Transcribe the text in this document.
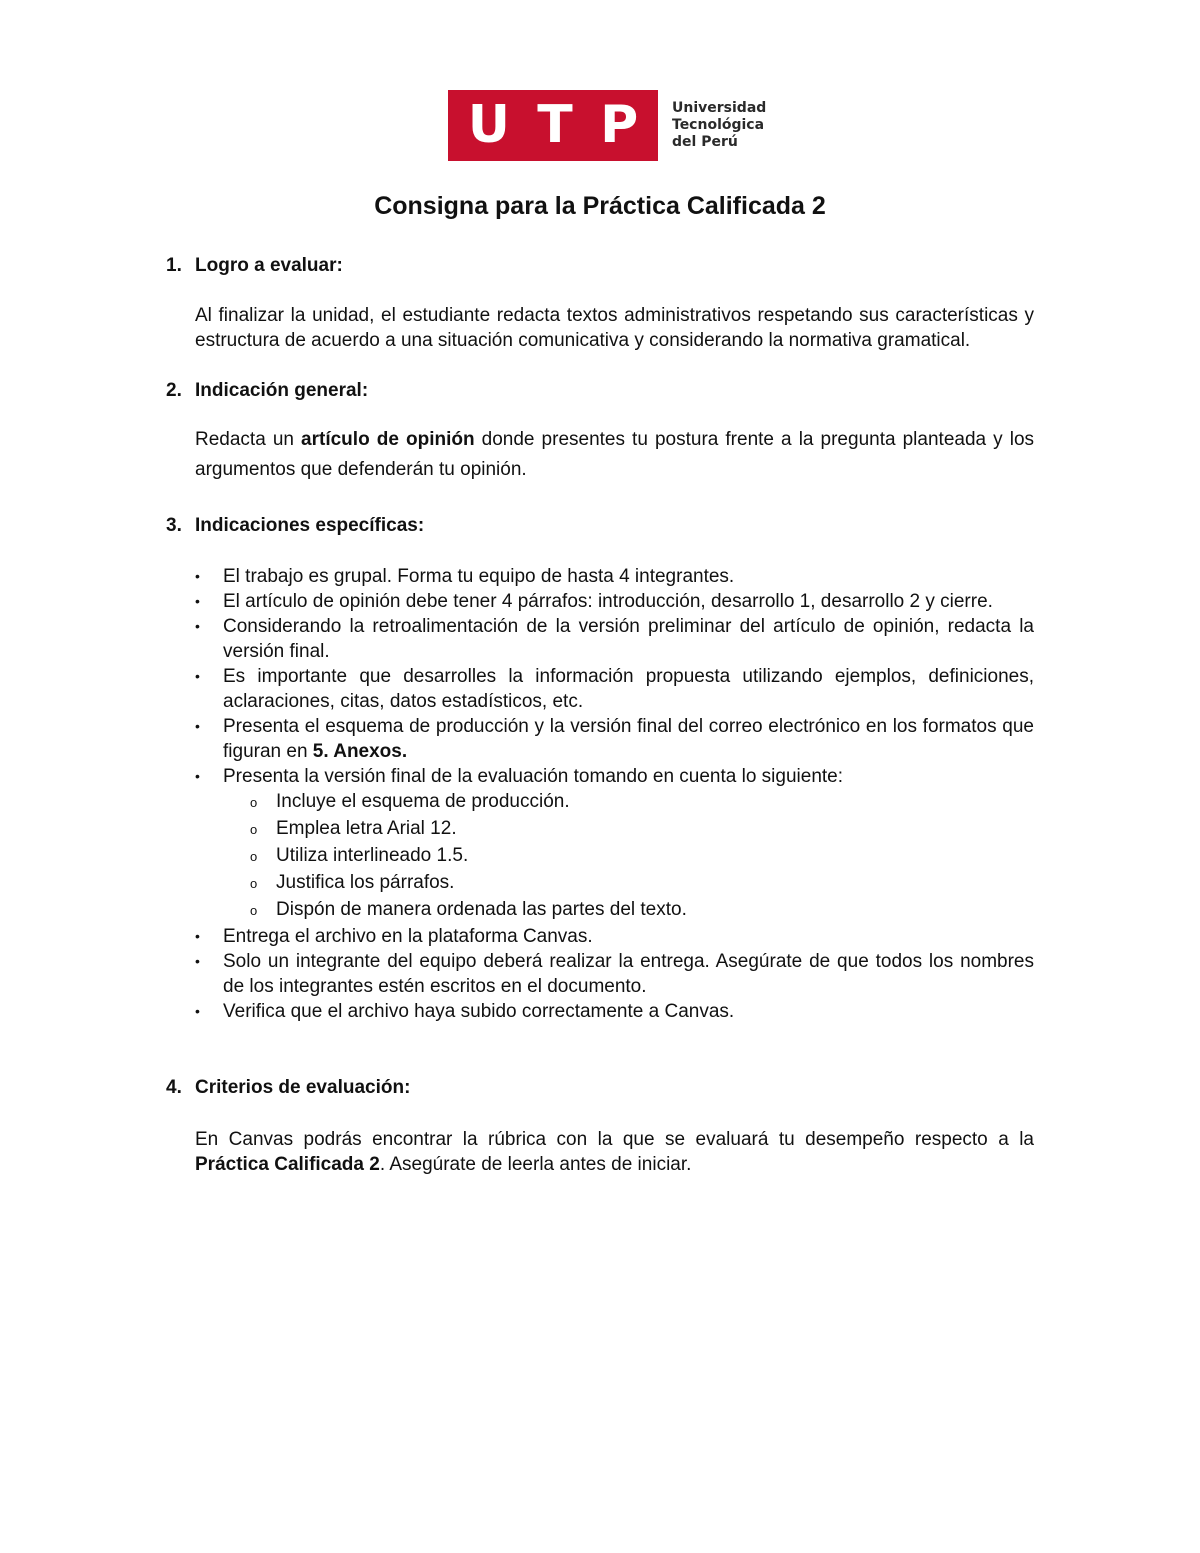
U T P Universidad
Tecnológica
del Perú
Consigna para la Práctica Calificada 2
1. Logro a evaluar:
Al finalizar la unidad, el estudiante redacta textos administrativos respetando sus características y estructura de acuerdo a una situación comunicativa y considerando la normativa gramatical.
2. Indicación general:
Redacta un artículo de opinión donde presentes tu postura frente a la pregunta planteada y los argumentos que defenderán tu opinión.
3. Indicaciones específicas:
•	El trabajo es grupal. Forma tu equipo de hasta 4 integrantes.
•	El artículo de opinión debe tener 4 párrafos: introducción, desarrollo 1, desarrollo 2 y cierre.
•	Considerando la retroalimentación de la versión preliminar del artículo de opinión, redacta la versión final.
•	Es importante que desarrolles la información propuesta utilizando ejemplos, definiciones, aclaraciones, citas, datos estadísticos, etc.
•	Presenta el esquema de producción y la versión final del correo electrónico en los formatos que figuran en 5. Anexos.
•	Presenta la versión final de la evaluación tomando en cuenta lo siguiente:
o Incluye el esquema de producción.
o Emplea letra Arial 12.
o Utiliza interlineado 1.5.
o Justifica los párrafos.
o Dispón de manera ordenada las partes del texto.
•	Entrega el archivo en la plataforma Canvas.
•	Solo un integrante del equipo deberá realizar la entrega. Asegúrate de que todos los nombres de los integrantes estén escritos en el documento.
•	Verifica que el archivo haya subido correctamente a Canvas.
4. Criterios de evaluación:
En Canvas podrás encontrar la rúbrica con la que se evaluará tu desempeño respecto a la Práctica Calificada 2. Asegúrate de leerla antes de iniciar.
